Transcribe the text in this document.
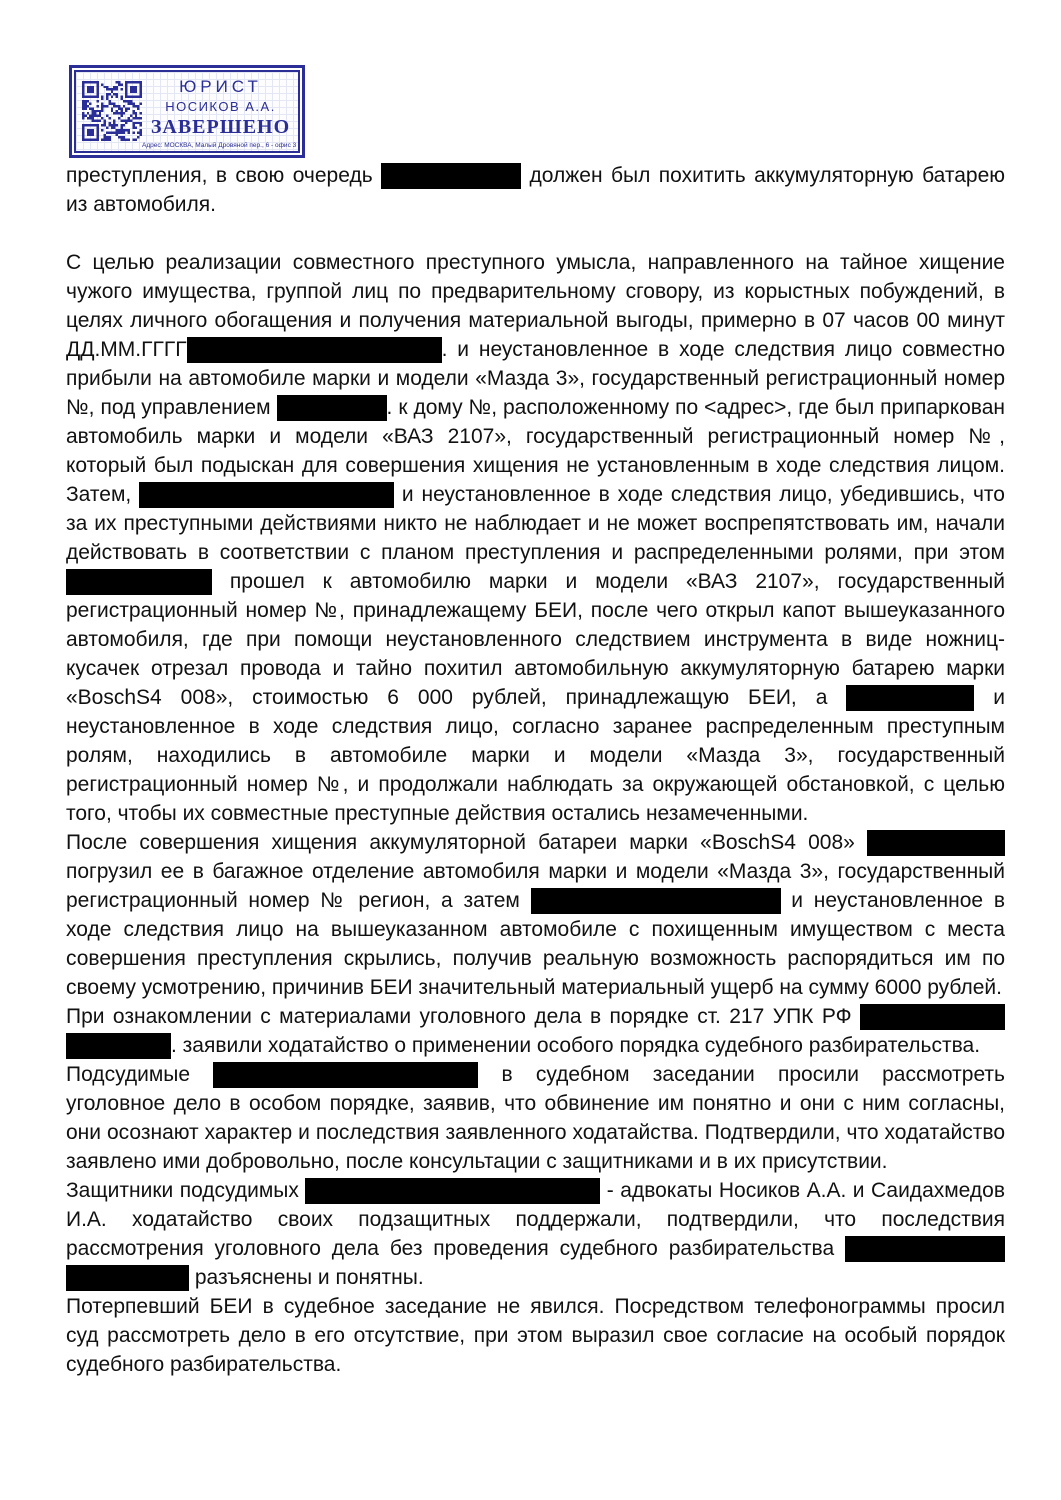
ЮРИСТ
НОСИКОВ А.А.
ЗАВЕРШЕНО
Адрес: МОСКВА, Малый Дровяной пер., 6 - офис 3
преступления, в свою очередь	должен был похитить аккумуляторную батарею из автомобиля.
С целью реализации совместного преступного умысла, направленного на тайное хищение чужого имущества, группой лиц по предварительному сговору, из корыстных побуждений, в целях личного обогащения и получения материальной выгоды, примерно в 07 часов 00 минут ДД.ММ.ГГГГ	. и неустановленное в ходе следствия лицо совместно прибыли на автомобиле марки и модели «Мазда 3», государственный регистрационный номер №, под управлением	. к дому №, расположенному по <адрес>, где был припаркован автомобиль марки и модели «ВАЗ 2107», государственный регистрационный номер №, который был подыскан для совершения хищения не установленным в ходе следствия лицом. Затем,	и неустановленное в ходе следствия лицо, убедившись, что за их преступными действиями никто не наблюдает и не может воспрепятствовать им, начали действовать в соответствии с планом преступления и распределенными ролями, при этом  прошел к автомобилю марки и модели «ВАЗ 2107», государственный регистрационный номер №, принадлежащему БЕИ, после чего открыл капот вышеуказанного автомобиля, где при помощи неустановленного следствием инструмента в виде ножниц-кусачек отрезал провода и тайно похитил автомобильную аккумуляторную батарею марки «BoschS4 008», стоимостью 6 000 рублей, принадлежащую БЕИ, а	и неустановленное в ходе следствия лицо, согласно заранее распределенным преступным ролям, находились в автомобиле марки и модели «Мазда 3», государственный регистрационный номер №, и продолжали наблюдать за окружающей обстановкой, с целью того, чтобы их совместные преступные действия остались незамеченными.
После совершения хищения аккумуляторной батареи марки «BoschS4 008»  погрузил ее в багажное отделение автомобиля марки и модели «Мазда 3», государственный регистрационный номер № регион, а затем	и неустановленное в ходе следствия лицо на вышеуказанном автомобиле с похищенным имуществом с места совершения преступления скрылись, получив реальную возможность распорядиться им по своему усмотрению, причинив БЕИ значительный материальный ущерб на сумму 6000 рублей.
При ознакомлении с материалами уголовного дела в порядке ст. 217 УПК РФ  . заявили ходатайство о применении особого порядка судебного разбирательства.
Подсудимые	в судебном заседании просили рассмотреть уголовное дело в особом порядке, заявив, что обвинение им понятно и они с ним согласны, они осознают характер и последствия заявленного ходатайства. Подтвердили, что ходатайство заявлено ими добровольно, после консультации с защитниками и в их присутствии.
Защитники подсудимых	- адвокаты Носиков А.А. и Саидахмедов И.А. ходатайство своих подзащитных поддержали, подтвердили, что последствия рассмотрения уголовного дела без проведения судебного разбирательства   разъяснены и понятны.
Потерпевший БЕИ в судебное заседание не явился. Посредством телефонограммы просил суд рассмотреть дело в его отсутствие, при этом выразил свое согласие на особый порядок судебного разбирательства.
